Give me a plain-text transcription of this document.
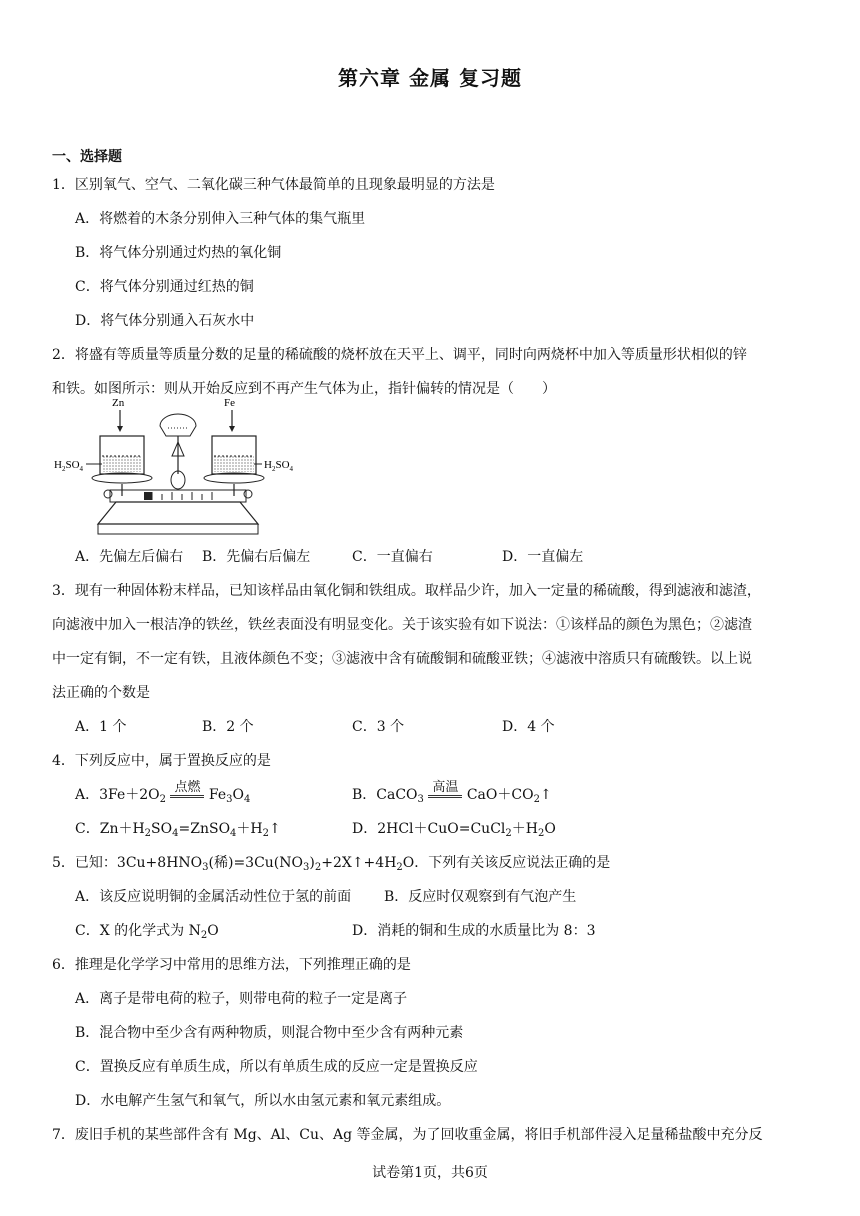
第六章 金属 复习题
一、选择题
1．区别氧气、空气、二氧化碳三种气体最简单的且现象最明显的方法是
A．将燃着的木条分别伸入三种气体的集气瓶里
B．将气体分别通过灼热的氧化铜
C．将气体分别通过红热的铜
D．将气体分别通入石灰水中
2．将盛有等质量等质量分数的足量的稀硫酸的烧杯放在天平上、调平，同时向两烧杯中加入等质量形状相似的锌
和铁。如图所示：则从开始反应到不再产生气体为止，指针偏转的情况是（　　）
Zn	Fe
$H_2SO_4$	$H_2SO_4$
A．先偏左后偏右 B．先偏右后偏左	C．一直偏右	D．一直偏左
3．现有一种固体粉末样品，已知该样品由氧化铜和铁组成。取样品少许，加入一定量的稀硫酸，得到滤液和滤渣，
向滤液中加入一根洁净的铁丝，铁丝表面没有明显变化。关于该实验有如下说法：①该样品的颜色为黑色；②滤渣
中一定有铜，不一定有铁，且液体颜色不变；③滤液中含有硫酸铜和硫酸亚铁；④滤液中溶质只有硫酸铁。以上说
法正确的个数是
A．1 个	B．2 个	C．3 个	D．4 个
4．下列反应中，属于置换反应的是
A．$3Fe+2O_2$
点燃 $Fe_3O_4$	B．CaCO$_3$
高温 $CaO+CO_2↑$
C．$Zn+H_2SO_4=ZnSO_4+H_2↑$	D．$2HCl+CuO=CuCl_2+H_2O$
5．已知：$3Cu+8HNO_3$(稀)$=3Cu(NO_3)_2+2X↑+4H_2O$．下列有关该反应说法正确的是
A．该反应说明铜的金属活动性位于氢的前面 B．反应时仅观察到有气泡产生
C．X 的化学式为 $N_2O$	D．消耗的铜和生成的水质量比为 8：3
6．推理是化学学习中常用的思维方法，下列推理正确的是
A．离子是带电荷的粒子，则带电荷的粒子一定是离子
B．混合物中至少含有两种物质，则混合物中至少含有两种元素
C．置换反应有单质生成，所以有单质生成的反应一定是置换反应
D．水电解产生氢气和氧气，所以水由氢元素和氧元素组成。
7．废旧手机的某些部件含有 Mg、Al、Cu、Ag 等金属，为了回收重金属，将旧手机部件浸入足量稀盐酸中充分反
试卷第1页，共6页
